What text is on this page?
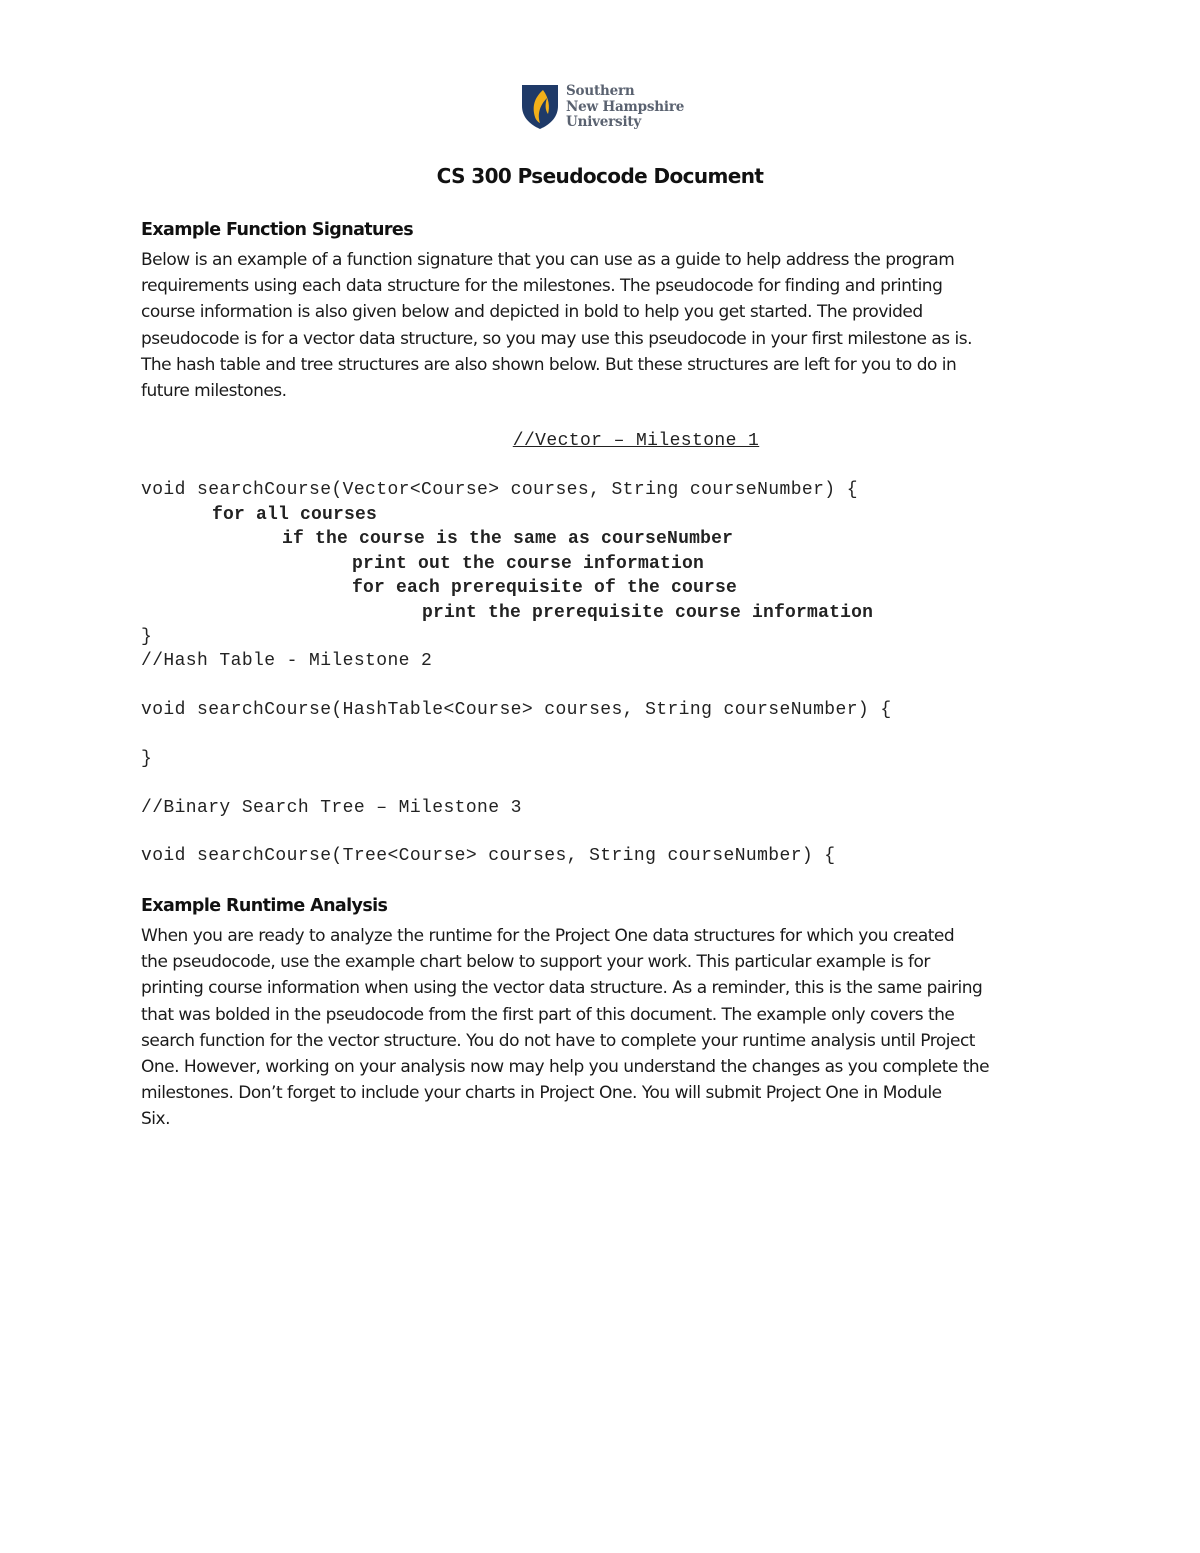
Southern
New Hampshire
University
CS 300 Pseudocode Document
Example Function Signatures

Below is an example of a function signature that you can use as a guide to help address the program
requirements using each data structure for the milestones. The pseudocode for finding and printing
course information is also given below and depicted in bold to help you get started. The provided
pseudocode is for a vector data structure, so you may use this pseudocode in your first milestone as is.
The hash table and tree structures are also shown below. But these structures are left for you to do in
future milestones.

//Vector – Milestone 1
void searchCourse(Vector<Course> courses, String courseNumber) {
for all courses
if the course is the same as courseNumber
print out the course information
for each prerequisite of the course
print the prerequisite course information
}
//Hash Table - Milestone 2
void searchCourse(HashTable<Course> courses, String courseNumber) {
}
//Binary Search Tree – Milestone 3
void searchCourse(Tree<Course> courses, String courseNumber) {
Example Runtime Analysis

When you are ready to analyze the runtime for the Project One data structures for which you created
the pseudocode, use the example chart below to support your work. This particular example is for
printing course information when using the vector data structure. As a reminder, this is the same pairing
that was bolded in the pseudocode from the first part of this document. The example only covers the
search function for the vector structure. You do not have to complete your runtime analysis until Project
One. However, working on your analysis now may help you understand the changes as you complete the
milestones. Don’t forget to include your charts in Project One. You will submit Project One in Module
Six.
